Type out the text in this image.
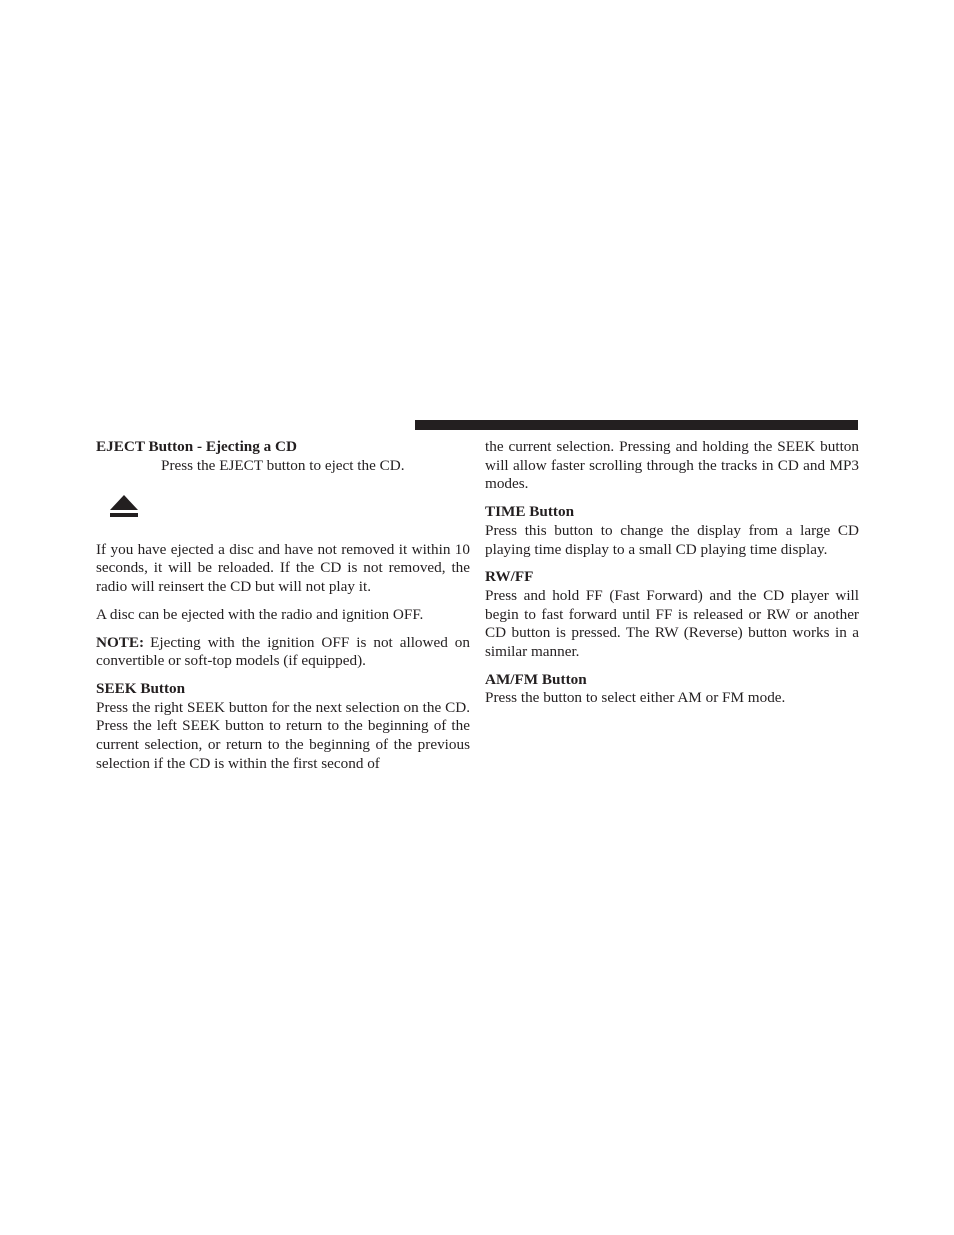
EJECT Button - Ejecting a CD
Press the EJECT button to eject the CD.

If you have ejected a disc and have not removed it within 10 seconds, it will be reloaded. If the CD is not removed, the radio will reinsert the CD but will not play it.

A disc can be ejected with the radio and ignition OFF.

NOTE: Ejecting with the ignition OFF is not allowed on convertible or soft-top models (if equipped).

SEEK Button

Press the right SEEK button for the next selection on the CD. Press the left SEEK button to return to the beginning of the current selection, or return to the beginning of the previous selection if the CD is within the first second of

the current selection. Pressing and holding the SEEK button will allow faster scrolling through the tracks in CD and MP3 modes.

TIME Button

Press this button to change the display from a large CD playing time display to a small CD playing time display.

RW/FF

Press and hold FF (Fast Forward) and the CD player will begin to fast forward until FF is released or RW or another CD button is pressed. The RW (Reverse) button works in a similar manner.

AM/FM Button

Press the button to select either AM or FM mode.
